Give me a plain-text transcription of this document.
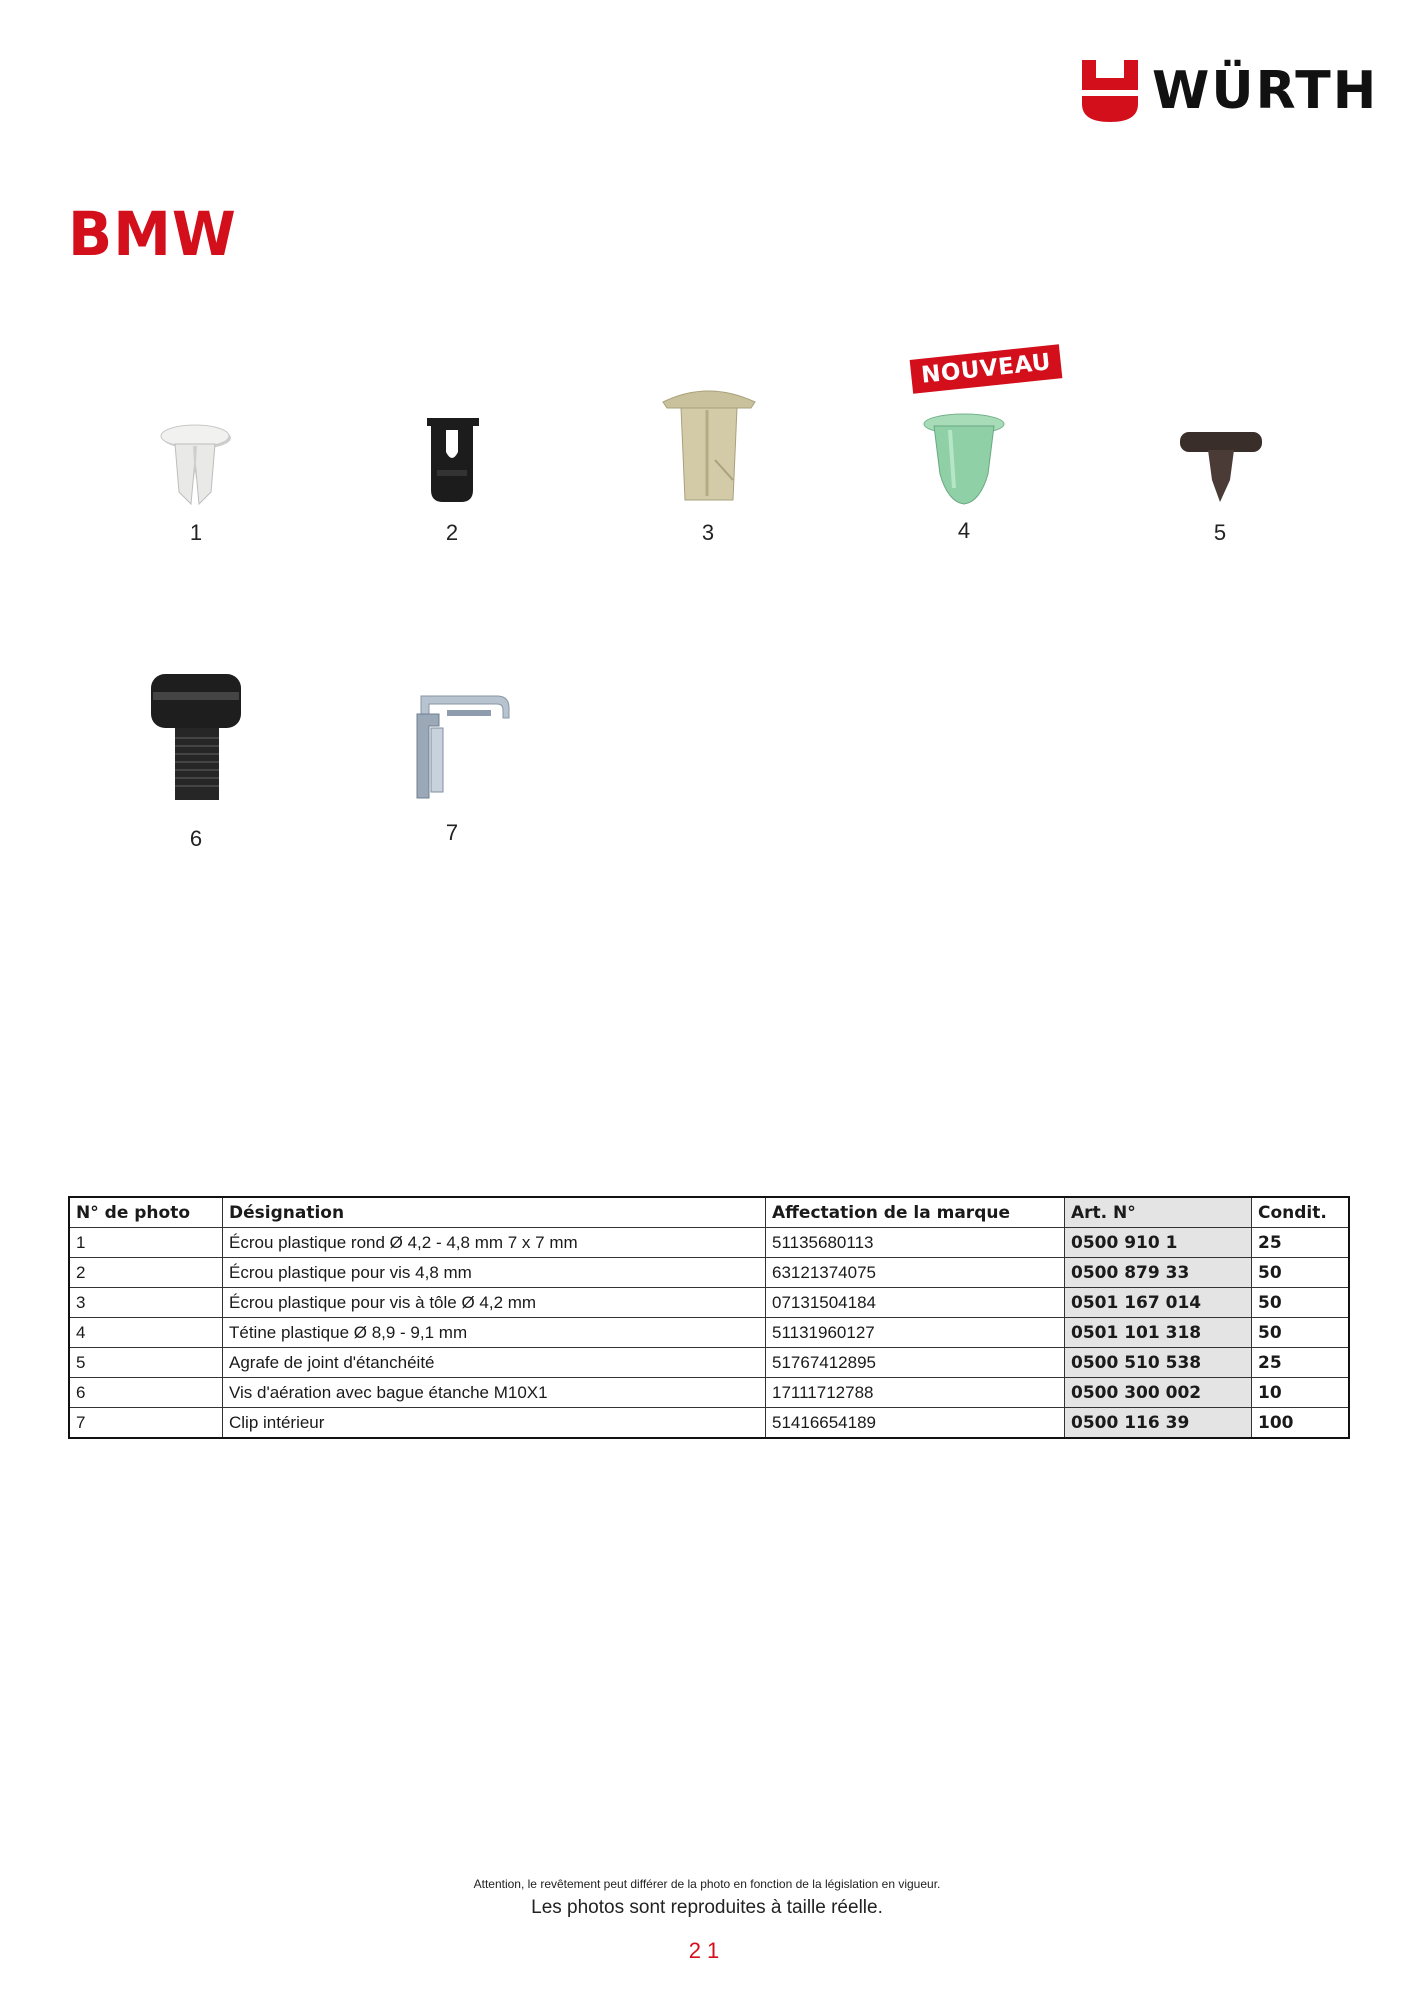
WÜRTH
BMW
1	2	3
NOUVEAU
4	5
6	7
N° de photo	Désignation	Affectation de la marque	Art. N°	Condit.
1	Écrou plastique rond Ø 4,2 - 4,8 mm 7 x 7 mm	51135680113	0500 910 1	25
2	Écrou plastique pour vis 4,8 mm	63121374075	0500 879 33	50
3	Écrou plastique pour vis à tôle Ø 4,2 mm	07131504184	0501 167 014	50
4	Tétine plastique Ø 8,9 - 9,1 mm	51131960127	0501 101 318	50
5	Agrafe de joint d'étanchéité	51767412895	0500 510 538	25
6	Vis d'aération avec bague étanche M10X1	17111712788	0500 300 002	10
7	Clip intérieur	51416654189	0500 116 39	100
Attention, le revêtement peut différer de la photo en fonction de la législation en vigueur.
Les photos sont reproduites à taille réelle.
21
